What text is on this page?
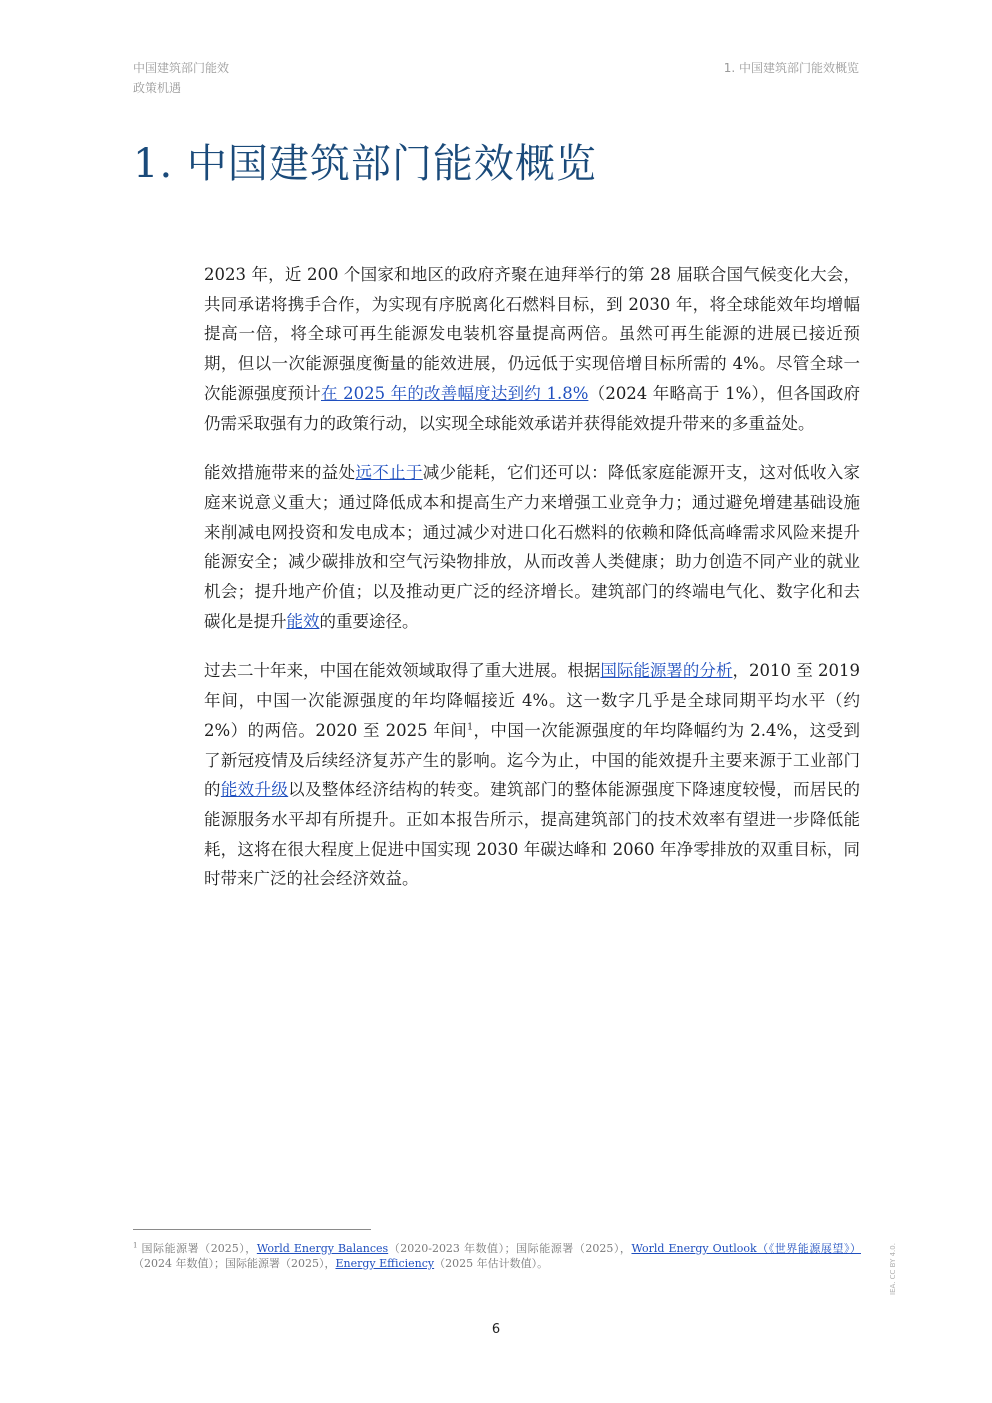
中国建筑部门能效
政策机遇
1. 中国建筑部门能效概览
1. 中国建筑部门能效概览

2023 年，近 200 个国家和地区的政府齐聚在迪拜举行的第 28 届联合国气候变化大会，共同承诺将携手合作，为实现有序脱离化石燃料目标，到 2030 年，将全球能效年均增幅提高一倍，将全球可再生能源发电装机容量提高两倍。虽然可再生能源的进展已接近预期，但以一次能源强度衡量的能效进展，仍远低于实现倍增目标所需的 4%。尽管全球一次能源强度预计在 2025 年的改善幅度达到约 1.8%（2024 年略高于 1%），但各国政府仍需采取强有力的政策行动，以实现全球能效承诺并获得能效提升带来的多重益处。

能效措施带来的益处远不止于减少能耗，它们还可以：降低家庭能源开支，这对低收入家庭来说意义重大；通过降低成本和提高生产力来增强工业竞争力；通过避免增建基础设施来削减电网投资和发电成本；通过减少对进口化石燃料的依赖和降低高峰需求风险来提升能源安全；减少碳排放和空气污染物排放，从而改善人类健康；助力创造不同产业的就业机会；提升地产价值；以及推动更广泛的经济增长。建筑部门的终端电气化、数字化和去碳化是提升能效的重要途径。

过去二十年来，中国在能效领域取得了重大进展。根据国际能源署的分析，2010 至 2019 年间，中国一次能源强度的年均降幅接近 4%。这一数字几乎是全球同期平均水平（约 2%）的两倍。2020 至 2025 年间$^1$，中国一次能源强度的年均降幅约为 2.4%，这受到了新冠疫情及后续经济复苏产生的影响。迄今为止，中国的能效提升主要来源于工业部门的能效升级以及整体经济结构的转变。建筑部门的整体能源强度下降速度较慢，而居民的能源服务水平却有所提升。正如本报告所示，提高建筑部门的技术效率有望进一步降低能耗，这将在很大程度上促进中国实现 2030 年碳达峰和 2060 年净零排放的双重目标，同时带来广泛的社会经济效益。

$^1$ 国际能源署（2025），World Energy Balances（2020-2023 年数值）；国际能源署（2025），World Energy Outlook（《世界能源展望》）（2024 年数值）；国际能源署（2025），Energy Efficiency（2025 年估计数值）。
6
IEA. CC BY 4.0.
